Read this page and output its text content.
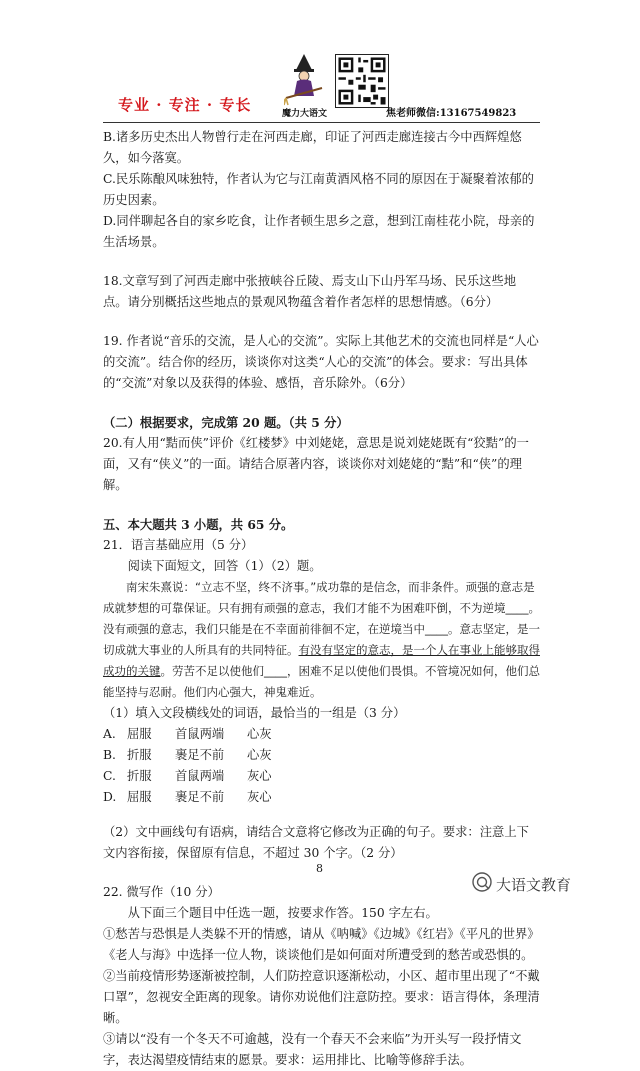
专业 · 专注 · 专长	魔力大语文	焦老师微信:13167549823

B.诸多历史杰出人物曾行走在河西走廊，印证了河西走廊连接古今中西辉煌悠久，如今落寞。

C.民乐陈酿风味独特，作者认为它与江南黄酒风格不同的原因在于凝聚着浓郁的历史因素。

D.同伴聊起各自的家乡吃食，让作者顿生思乡之意，想到江南桂花小院，母亲的生活场景。

18.文章写到了河西走廊中张掖峡谷丘陵、焉支山下山丹军马场、民乐这些地点。请分别概括这些地点的景观风物蕴含着作者怎样的思想情感。（6分）

19. 作者说“音乐的交流，是人心的交流”。实际上其他艺术的交流也同样是“人心的交流”。结合你的经历，谈谈你对这类“人心的交流”的体会。要求：写出具体的“交流”对象以及获得的体验、感悟，音乐除外。（6分）

（二）根据要求，完成第 20 题。（共 5 分）

20.有人用“黠而侠”评价《红楼梦》中刘姥姥，意思是说刘姥姥既有“狡黠”的一面，又有“侠义”的一面。请结合原著内容，谈谈你对刘姥姥的“黠”和“侠”的理解。

五、本大题共 3 小题，共 65 分。

21．语言基础应用（5 分）

阅读下面短文，回答（1）（2）题。

南宋朱熹说：“立志不坚，终不济事。”成功靠的是信念，而非条件。顽强的意志是成就梦想的可靠保证。只有拥有顽强的意志，我们才能不为困难吓倒，不为逆境____。没有顽强的意志，我们只能是在不幸面前徘徊不定，在逆境当中____。意志坚定，是一切成就大事业的人所具有的共同特征。有没有坚定的意志，是一个人在事业上能够取得成功的关键。劳苦不足以使他们____，困难不足以使他们畏惧。不管境况如何，他们总能坚持与忍耐。他们内心强大，神鬼难近。

（1）填入文段横线处的词语，最恰当的一组是（3 分）

A. 屈服 首鼠两端 心灰

B. 折服 裹足不前 心灰

C. 折服 首鼠两端 灰心

D. 屈服 裹足不前 灰心

（2）文中画线句有语病，请结合文意将它修改为正确的句子。要求：注意上下文内容衔接，保留原有信息，不超过 30 个字。（2 分）

22. 微写作（10 分）

从下面三个题目中任选一题，按要求作答。150 字左右。

①愁苦与恐惧是人类躲不开的情感，请从《呐喊》《边城》《红岩》《平凡的世界》《老人与海》中选择一位人物，谈谈他们是如何面对所遭受到的愁苦或恐惧的。

②当前疫情形势逐渐被控制，人们防控意识逐渐松动，小区、超市里出现了“不戴口罩”，忽视安全距离的现象。请你劝说他们注意防控。要求：语言得体，条理清晰。

③请以“没有一个冬天不可逾越，没有一个春天不会来临”为开头写一段抒情文字，表达渴望疫情结束的愿景。要求：运用排比、比喻等修辞手法。

8
大语文教育
